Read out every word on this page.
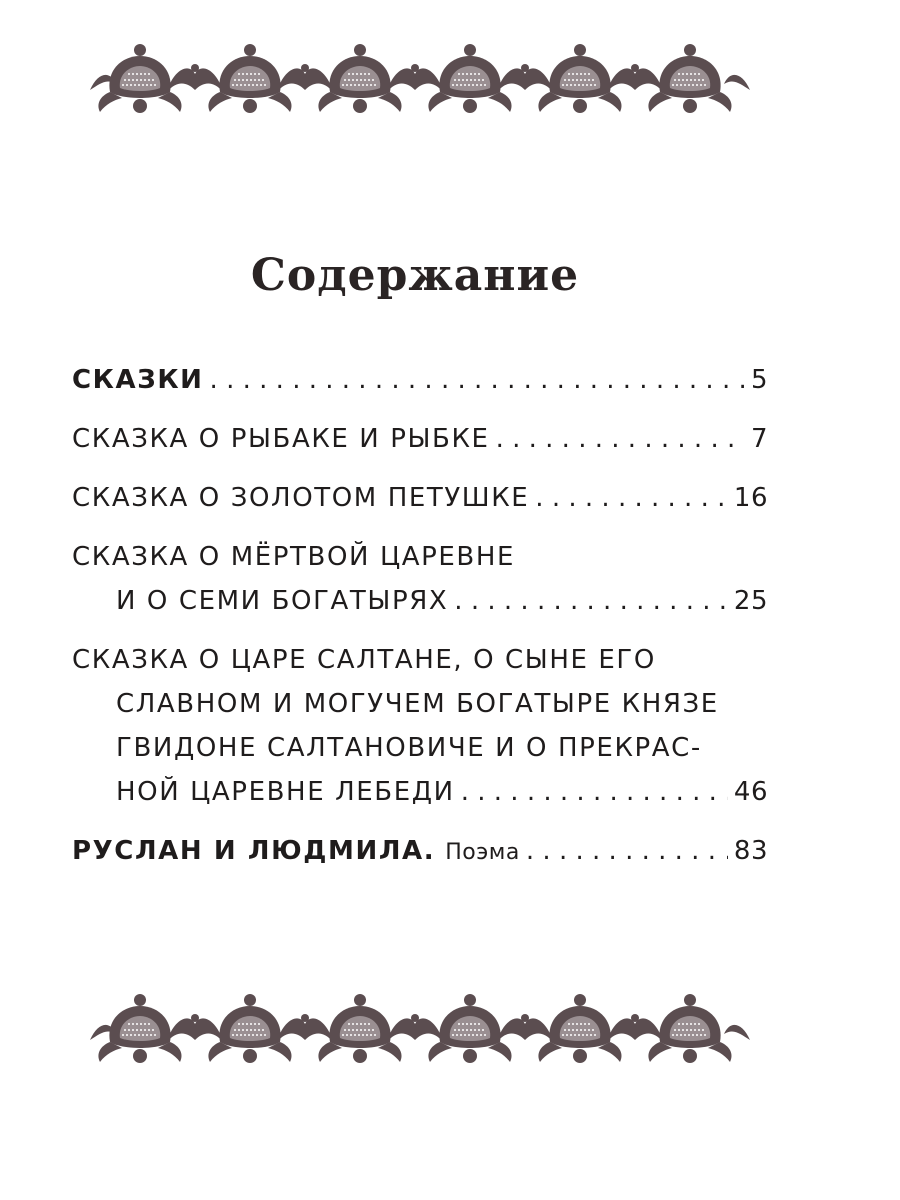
Содержание
СКАЗКИ . . .	5
СКАЗКА О РЫБАКЕ И РЫБКЕ . . .	7
СКАЗКА О ЗОЛОТОМ ПЕТУШКЕ . . .	16
СКАЗКА О МЁРТВОЙ ЦАРЕВНЕ
И О СЕМИ БОГАТЫРЯХ . . .	25
СКАЗКА О ЦАРЕ САЛТАНЕ, О СЫНЕ ЕГО
СЛАВНОМ И МОГУЧЕМ БОГАТЫРЕ КНЯЗЕ
ГВИДОНЕ САЛТАНОВИЧЕ И О ПРЕКРАС-
НОЙ ЦАРЕВНЕ ЛЕБЕДИ . . .	46
РУСЛАН И ЛЮДМИЛА. Поэма . . .	83
